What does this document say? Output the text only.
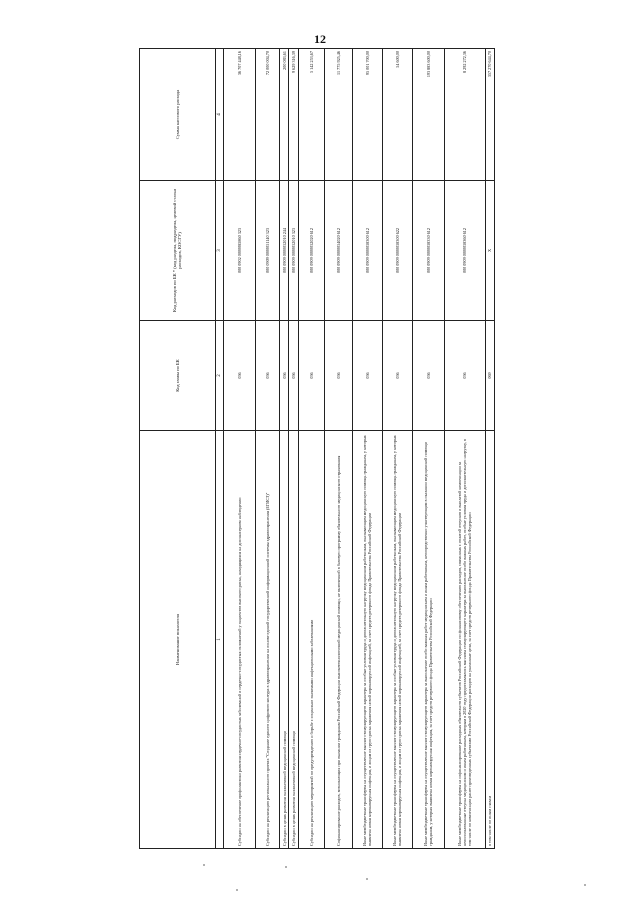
12
Наименование показателя	Код главы по БК	Код расходов по БК * (код раздела, подраздела, целевой статьи расходов, КОСГУ)	Сумма кассового расхода
1	2	3	4
Субсидии на обеспечение профилактики развития сердечно-сосудистых заболеваний и сердечно-сосудистых осложнений у пациентов высокого риска, находящихся на диспансерном наблюдении	056	000 0902 0000085860 323	36 707 448,16
Субсидии на реализацию регионального проекта "Создание единого цифрового контура в здравоохранении на основе единой государственной информационной системы здравоохранения (ЕГИСЗ)"	056	000 0909 0000051140 323	72 000 004,70
Субсидии в целях развития паллиативной медицинской помощи	056	000 0909 0000052010 244	200 083,61
Субсидии в целях развития паллиативной медицинской помощи	056	000 0909 0000052010 323	9 629 316,39
Субсидии на реализацию мероприятий по предупреждению и борьбе с социально значимыми инфекционными заболеваниями	056	000 0909 0000052020 612	5 142 253,67
Софинансирование расходов, возникающих при оказании гражданам Российской Федерации высокотехнологичной медицинской помощи, не включенной в базовую программу обязательного медицинского страхования	056	000 0909 0000054020 612	11 775 925,46
Иные межбюджетные трансферты на осуществление выплат стимулирующего характера за особые условия труда и дополнительную нагрузку медицинским работникам, оказывающим медицинскую помощь гражданам, у которых выявлена новая коронавирусная инфекция, и лицам из групп риска заражения новой коронавирусной инфекцией, за счет средств резервного фонда Правительства Российской Федерации	056	000 0909 0000058300 612	95 001 700,00
Иные межбюджетные трансферты на осуществление выплат стимулирующего характера за особые условия труда и дополнительную нагрузку медицинским работникам, оказывающим медицинскую помощь гражданам, у которых выявлена новая коронавирусная инфекция, и лицам из групп риска заражения новой коронавирусной инфекцией, за счет средств резервного фонда Правительства Российской Федерации	056	000 0909 0000058300 622	54 600,00
Иные межбюджетные трансферты на осуществление выплат стимулирующего характера за выполнение особо важных работ медицинским и иным работникам, непосредственно участвующим в оказании медицинской помощи гражданам, у которых выявлена новая коронавирусная инфекция, за счет средств резервного фонда Правительства Российской Федерации	056	000 0909 0000058330 612	193 883 600,00
Иные межбюджетные трансферты на софинансирование расходных обязательств субъектов Российской Федерации по финансовому обеспечению расходов, связанных с оплатой отпусков и выплатой компенсации за неиспользованные отпуска медицинским и иным работникам, которым в 2020 году предоставлялись выплаты стимулирующего характера за выполнение особо важных работ, особые условия труда и дополнительную нагрузку, в том числе по компенсации ранее произведенных субъектами Российской Федерации расходов на указанные цели, за счет средств резервного фонда Правительства Российской Федерации	056	000 0909 0000058360 612	8 292 272,36
в том числе по иным главам	069	X	357 270 644,70
